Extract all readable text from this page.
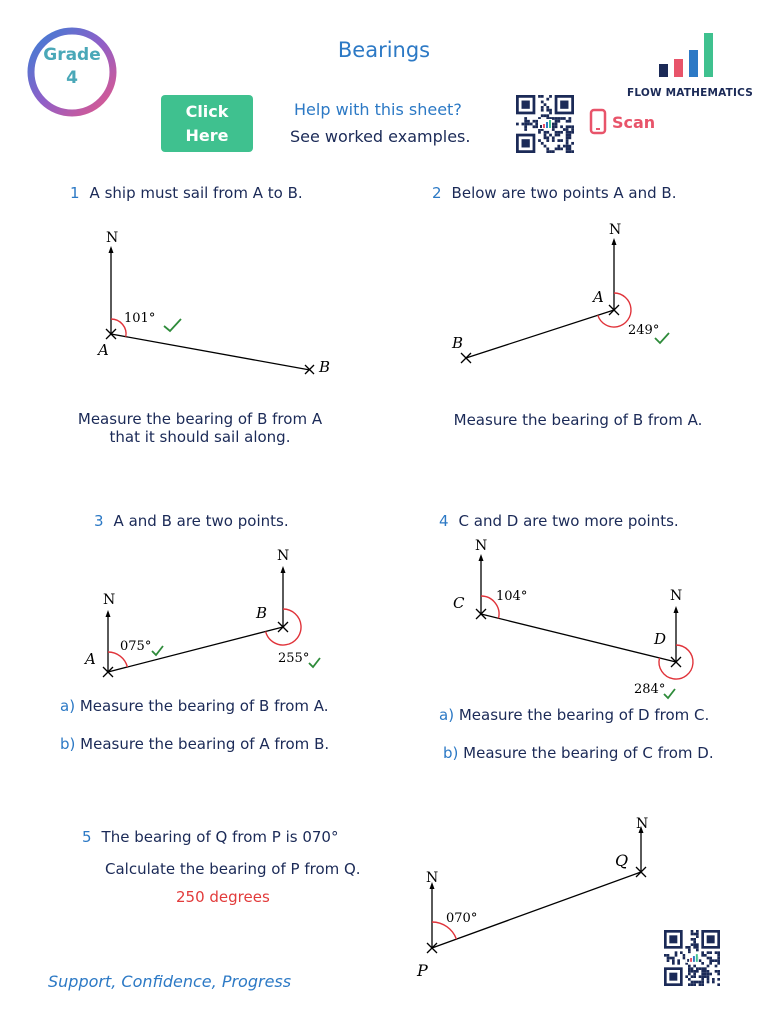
Grade
4
Bearings
FLOW MATHEMATICS
Click
Here
Help with this sheet?
See worked examples.
Scan
1 A ship must sail from A to B.
N
101°
A
B
Measure the bearing of B from A
that it should sail along.
2 Below are two points A and B.
N
A
B
249°
Measure the bearing of B from A.
3 A and B are two points.
N
N
A
B
075°
255°
a) Measure the bearing of B from A.
b) Measure the bearing of A from B.
4 C and D are two more points.
N
N
C
D
104°
284°
a) Measure the bearing of D from C.
b) Measure the bearing of C from D.
5 The bearing of Q from P is 070°
Calculate the bearing of P from Q.
250 degrees
N
N
P
Q
070°
Support, Confidence, Progress
